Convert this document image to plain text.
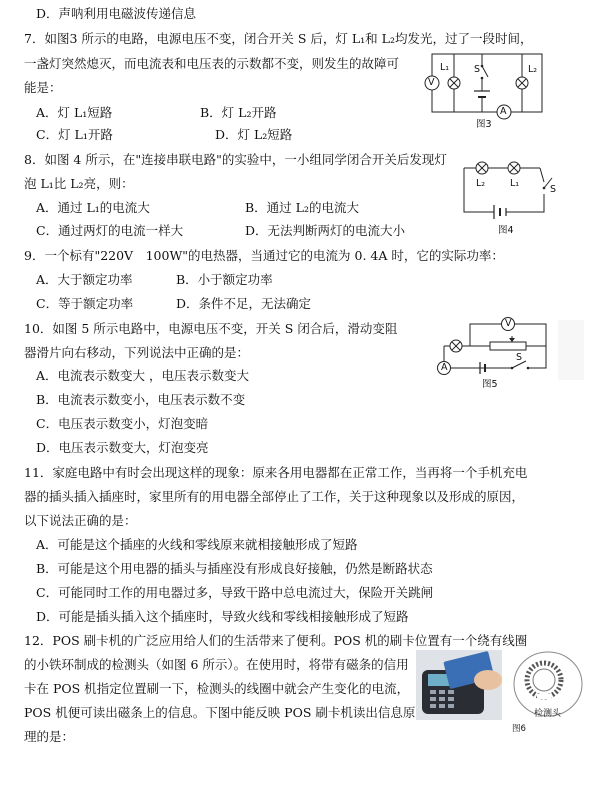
D．声呐利用电磁波传递信息
7．如图3 所示的电路，电源电压不变，闭合开关 S 后，灯 L₁和 L₂均发光，过了一段时间，
一盏灯突然熄灭，而电流表和电压表的示数都不变，则发生的故障可
能是：
A．灯 L₁短路	B．灯 L₂开路
C．灯 L₁开路	D．灯 L₂短路
V
L₁	S	L₂
A
图3
8．如图 4 所示，在"连接串联电路"的实验中，一小组同学闭合开关后发现灯
泡 L₁比 L₂亮，则：
A．通过 L₁的电流大	B．通过 L₂的电流大
C．通过两灯的电流一样大	D．无法判断两灯的电流大小
L₂	L₁
S
图4
9．一个标有"220V　100W"的电热器，当通过它的电流为 0. 4A 时，它的实际功率：
A．大于额定功率	B．小于额定功率
C．等于额定功率	D．条件不足，无法确定
10．如图 5 所示电路中，电源电压不变，开关 S 闭合后，滑动变阻
器滑片向右移动，下列说法中正确的是：
A．电流表示数变大 ，电压表示数变大
B．电流表示数变小，电压表示数不变
C．电压表示数变小，灯泡变暗
D．电压表示数变大，灯泡变亮
V
A
S
图5
11．家庭电路中有时会出现这样的现象：原来各用电器都在正常工作，当再将一个手机充电
器的插头插入插座时，家里所有的用电器全部停止了工作，关于这种现象以及形成的原因，
以下说法正确的是：
A．可能是这个插座的火线和零线原来就相接触形成了短路
B．可能是这个用电器的插头与插座没有形成良好接触，仍然是断路状态
C．可能同时工作的用电器过多，导致干路中总电流过大，保险开关跳闸
D．可能是插头插入这个插座时，导致火线和零线相接触形成了短路
12．POS 刷卡机的广泛应用给人们的生活带来了便利。POS 机的刷卡位置有一个绕有线圈
的小铁环制成的检测头（如图 6 所示）。在使用时，将带有磁条的信用
卡在 POS 机指定位置刷一下，检测头的线圈中就会产生变化的电流，
POS 机便可读出磁条上的信息。下图中能反映 POS 刷卡机读出信息原
理的是：
检测头
图6
